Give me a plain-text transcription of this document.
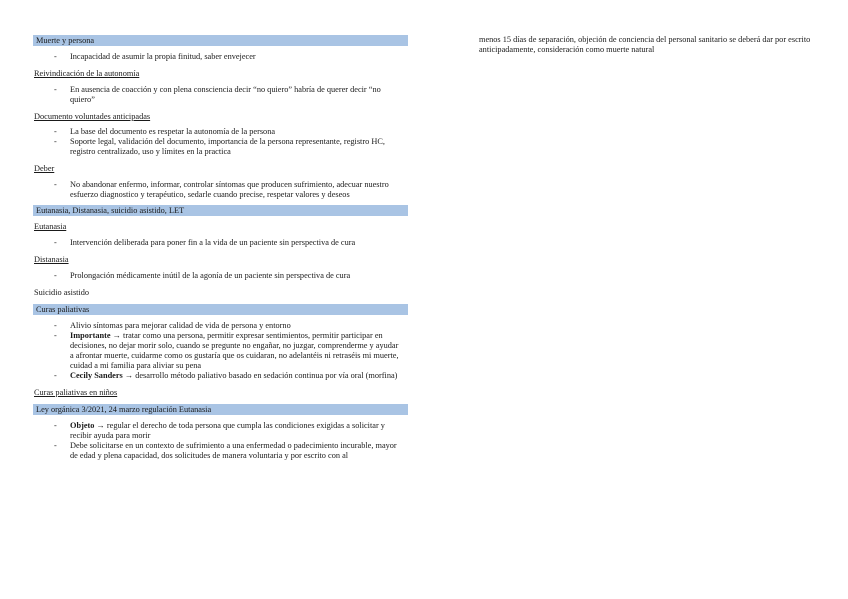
Muerte y persona
- Incapacidad de asumir la propia finitud, saber envejecer
Reivindicación de la autonomía
- En ausencia de coacción y con plena consciencia decir “no quiero” habría de querer decir “no quiero”
Documento voluntades anticipadas
- La base del documento es respetar la autonomía de la persona
- Soporte legal, validación del documento, importancia de la persona representante, registro HC, registro centralizado, uso y límites en la practica
Deber
- No abandonar enfermo, informar, controlar síntomas que producen sufrimiento, adecuar nuestro esfuerzo diagnostico y terapéutico, sedarle cuando precise, respetar valores y deseos
Eutanasia, Distanasia, suicidio asistido, LET
Eutanasia
- Intervención deliberada para poner fin a la vida de un paciente sin perspectiva de cura
Distanasia
- Prolongación médicamente inútil de la agonía de un paciente sin perspectiva de cura
Suicidio asistido
Curas paliativas
- Alivio síntomas para mejorar calidad de vida de persona y entorno
- Importante → tratar como una persona, permitir expresar sentimientos, permitir participar en decisiones, no dejar morir solo, cuando se pregunte no engañar, no juzgar, comprenderme y ayudar a afrontar muerte, cuidarme como os gustaría que os cuidaran, no adelantéis ni retraséis mi muerte, cuidad a mi familia para aliviar su pena
- Cecily Sanders → desarrollo método paliativo basado en sedación continua por vía oral (morfina)
Curas paliativas en niños
Ley orgánica 3/2021, 24 marzo regulación Eutanasia
- Objeto → regular el derecho de toda persona que cumpla las condiciones exigidas a solicitar y recibir ayuda para morir
- Debe solicitarse en un contexto de sufrimiento a una enfermedad o padecimiento incurable, mayor de edad y plena capacidad, dos solicitudes de manera voluntaria y por escrito con al

menos 15 días de separación, objeción de conciencia del personal sanitario se deberá dar por escrito anticipadamente, consideración como muerte natural
